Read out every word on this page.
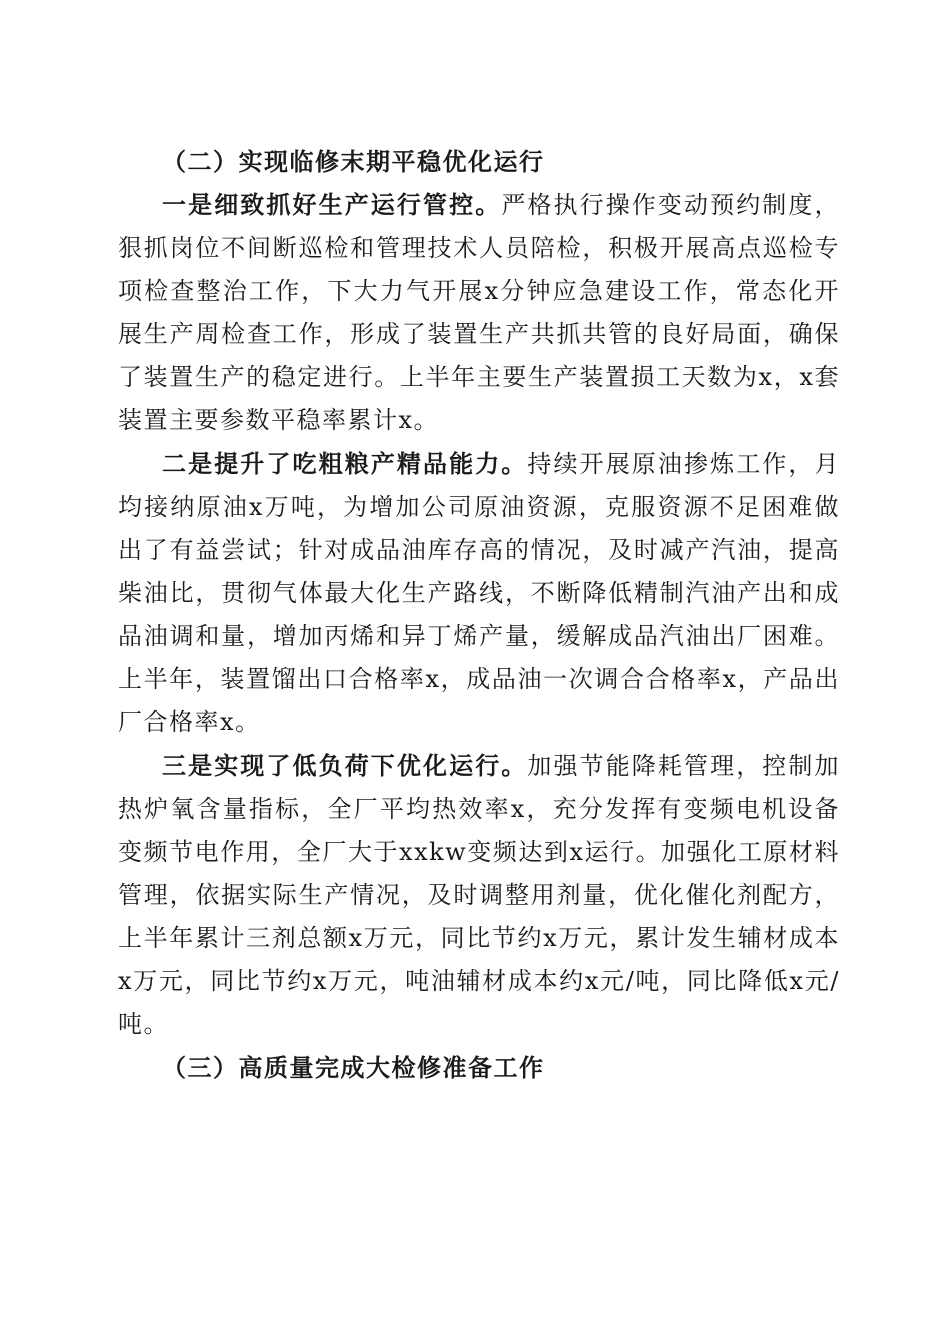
（二）实现临修末期平稳优化运行

一是细致抓好生产运行管控。严格执行操作变动预约制度，狠抓岗位不间断巡检和管理技术人员陪检，积极开展高点巡检专项检查整治工作，下大力气开展x分钟应急建设工作，常态化开展生产周检查工作，形成了装置生产共抓共管的良好局面，确保了装置生产的稳定进行。上半年主要生产装置损工天数为x，x套装置主要参数平稳率累计x。

二是提升了吃粗粮产精品能力。持续开展原油掺炼工作，月均接纳原油x万吨，为增加公司原油资源，克服资源不足困难做出了有益尝试；针对成品油库存高的情况，及时减产汽油，提高柴油比，贯彻气体最大化生产路线，不断降低精制汽油产出和成品油调和量，增加丙烯和异丁烯产量，缓解成品汽油出厂困难。上半年，装置馏出口合格率x，成品油一次调合合格率x，产品出厂合格率x。

三是实现了低负荷下优化运行。加强节能降耗管理，控制加热炉氧含量指标，全厂平均热效率x，充分发挥有变频电机设备变频节电作用，全厂大于xxkw变频达到x运行。加强化工原材料管理，依据实际生产情况，及时调整用剂量，优化催化剂配方，上半年累计三剂总额x万元，同比节约x万元，累计发生辅材成本x万元，同比节约x万元，吨油辅材成本约x元/吨，同比降低x元/吨。

（三）高质量完成大检修准备工作
